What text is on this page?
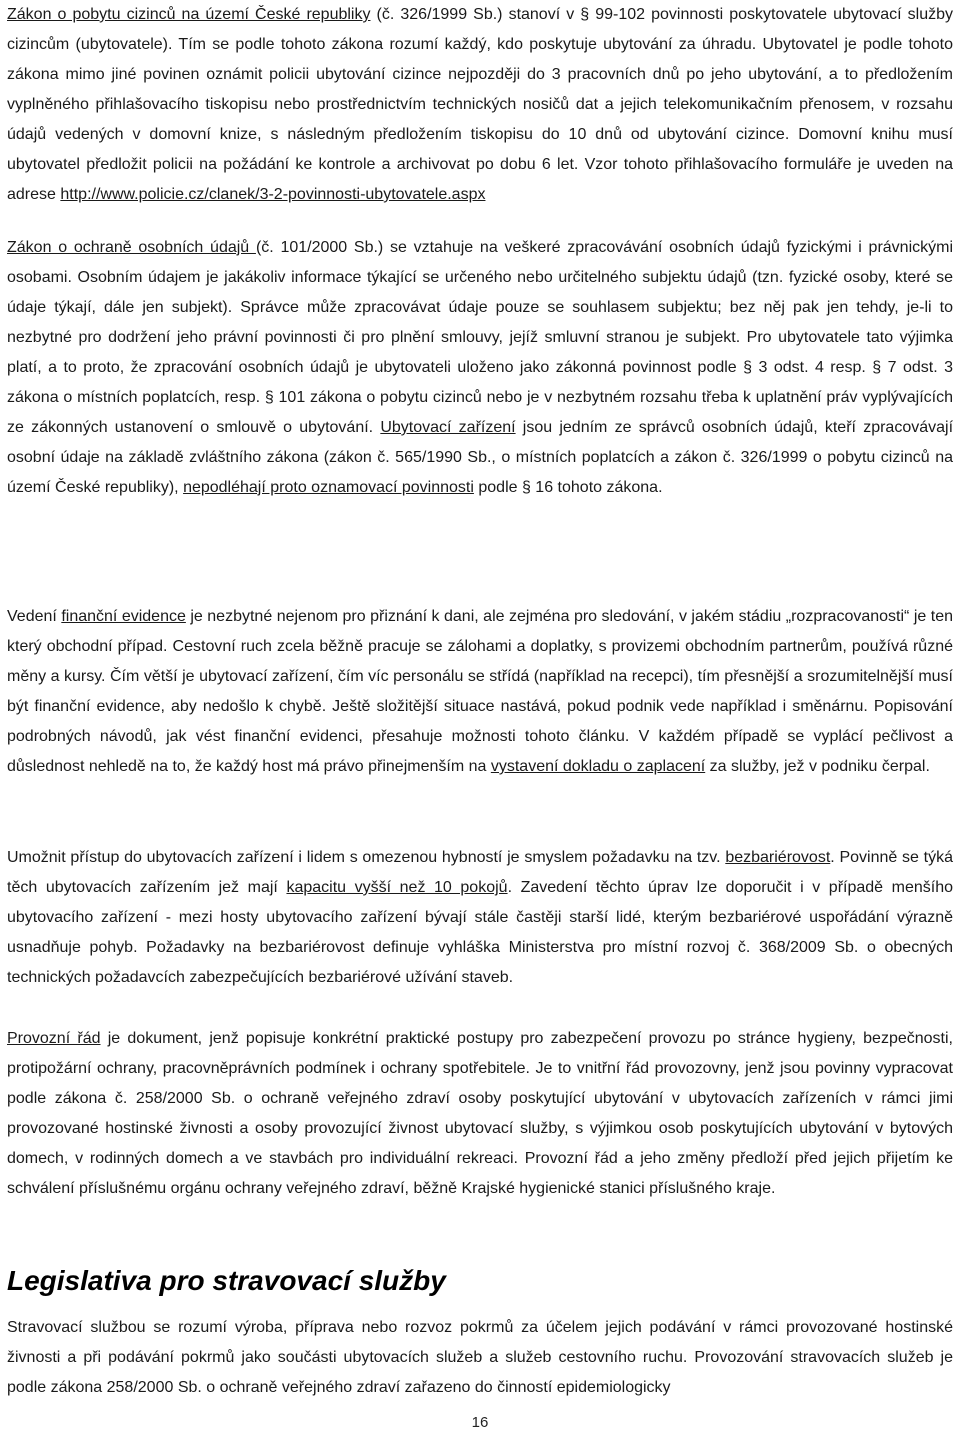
Zákon o pobytu cizinců na území České republiky (č. 326/1999 Sb.) stanoví v § 99-102 povinnosti poskytovatele ubytovací služby cizincům (ubytovatele). Tím se podle tohoto zákona rozumí každý, kdo poskytuje ubytování za úhradu. Ubytovatel je podle tohoto zákona mimo jiné povinen oznámit policii ubytování cizince nejpozději do 3 pracovních dnů po jeho ubytování, a to předložením vyplněného přihlašovacího tiskopisu nebo prostřednictvím technických nosičů dat a jejich telekomunikačním přenosem, v rozsahu údajů vedených v domovní knize, s následným předložením tiskopisu do 10 dnů od ubytování cizince. Domovní knihu musí ubytovatel předložit policii na požádání ke kontrole a archivovat po dobu 6 let. Vzor tohoto přihlašovacího formuláře je uveden na adrese http://www.policie.cz/clanek/3-2-povinnosti-ubytovatele.aspx

Zákon o ochraně osobních údajů (č. 101/2000 Sb.) se vztahuje na veškeré zpracovávání osobních údajů fyzickými i právnickými osobami. Osobním údajem je jakákoliv informace týkající se určeného nebo určitelného subjektu údajů (tzn. fyzické osoby, které se údaje týkají, dále jen subjekt). Správce může zpracovávat údaje pouze se souhlasem subjektu; bez něj pak jen tehdy, je-li to nezbytné pro dodržení jeho právní povinnosti či pro plnění smlouvy, jejíž smluvní stranou je subjekt. Pro ubytovatele tato výjimka platí, a to proto, že zpracování osobních údajů je ubytovateli uloženo jako zákonná povinnost podle § 3 odst. 4 resp. § 7 odst. 3 zákona o místních poplatcích, resp. § 101 zákona o pobytu cizinců nebo je v nezbytném rozsahu třeba k uplatnění práv vyplývajících ze zákonných ustanovení o smlouvě o ubytování. Ubytovací zařízení jsou jedním ze správců osobních údajů, kteří zpracovávají osobní údaje na základě zvláštního zákona (zákon č. 565/1990 Sb., o místních poplatcích a zákon č. 326/1999 o pobytu cizinců na území České republiky), nepodléhají proto oznamovací povinnosti podle § 16 tohoto zákona.

Vedení finanční evidence je nezbytné nejenom pro přiznání k dani, ale zejména pro sledování, v jakém stádiu „rozpracovanosti“ je ten který obchodní případ. Cestovní ruch zcela běžně pracuje se zálohami a doplatky, s provizemi obchodním partnerům, používá různé měny a kursy. Čím větší je ubytovací zařízení, čím víc personálu se střídá (například na recepci), tím přesnější a srozumitelnější musí být finanční evidence, aby nedošlo k chybě. Ještě složitější situace nastává, pokud podnik vede například i směnárnu. Popisování podrobných návodů, jak vést finanční evidenci, přesahuje možnosti tohoto článku. V každém případě se vyplácí pečlivost a důslednost nehledě na to, že každý host má právo přinejmenším na vystavení dokladu o zaplacení za služby, jež v podniku čerpal.

Umožnit přístup do ubytovacích zařízení i lidem s omezenou hybností je smyslem požadavku na tzv. bezbariérovost. Povinně se týká těch ubytovacích zařízením jež mají kapacitu vyšší než 10 pokojů. Zavedení těchto úprav lze doporučit i v případě menšího ubytovacího zařízení - mezi hosty ubytovacího zařízení bývají stále častěji starší lidé, kterým bezbariérové uspořádání výrazně usnadňuje pohyb. Požadavky na bezbariérovost definuje vyhláška Ministerstva pro místní rozvoj č. 368/2009 Sb. o obecných technických požadavcích zabezpečujících bezbariérové užívání staveb.

Provozní řád je dokument, jenž popisuje konkrétní praktické postupy pro zabezpečení provozu po stránce hygieny, bezpečnosti, protipožární ochrany, pracovněprávních podmínek i ochrany spotřebitele. Je to vnitřní řád provozovny, jenž jsou povinny vypracovat podle zákona č. 258/2000 Sb. o ochraně veřejného zdraví osoby poskytující ubytování v ubytovacích zařízeních v rámci jimi provozované hostinské živnosti a osoby provozující živnost ubytovací služby, s výjimkou osob poskytujících ubytování v bytových domech, v rodinných domech a ve stavbách pro individuální rekreaci. Provozní řád a jeho změny předloží před jejich přijetím ke schválení příslušnému orgánu ochrany veřejného zdraví, běžně Krajské hygienické stanici příslušného kraje.

Legislativa pro stravovací služby

Stravovací službou se rozumí výroba, příprava nebo rozvoz pokrmů za účelem jejich podávání v rámci provozované hostinské živnosti a při podávání pokrmů jako součásti ubytovacích služeb a služeb cestovního ruchu. Provozování stravovacích služeb je podle zákona 258/2000 Sb. o ochraně veřejného zdraví zařazeno do činností epidemiologicky

16
